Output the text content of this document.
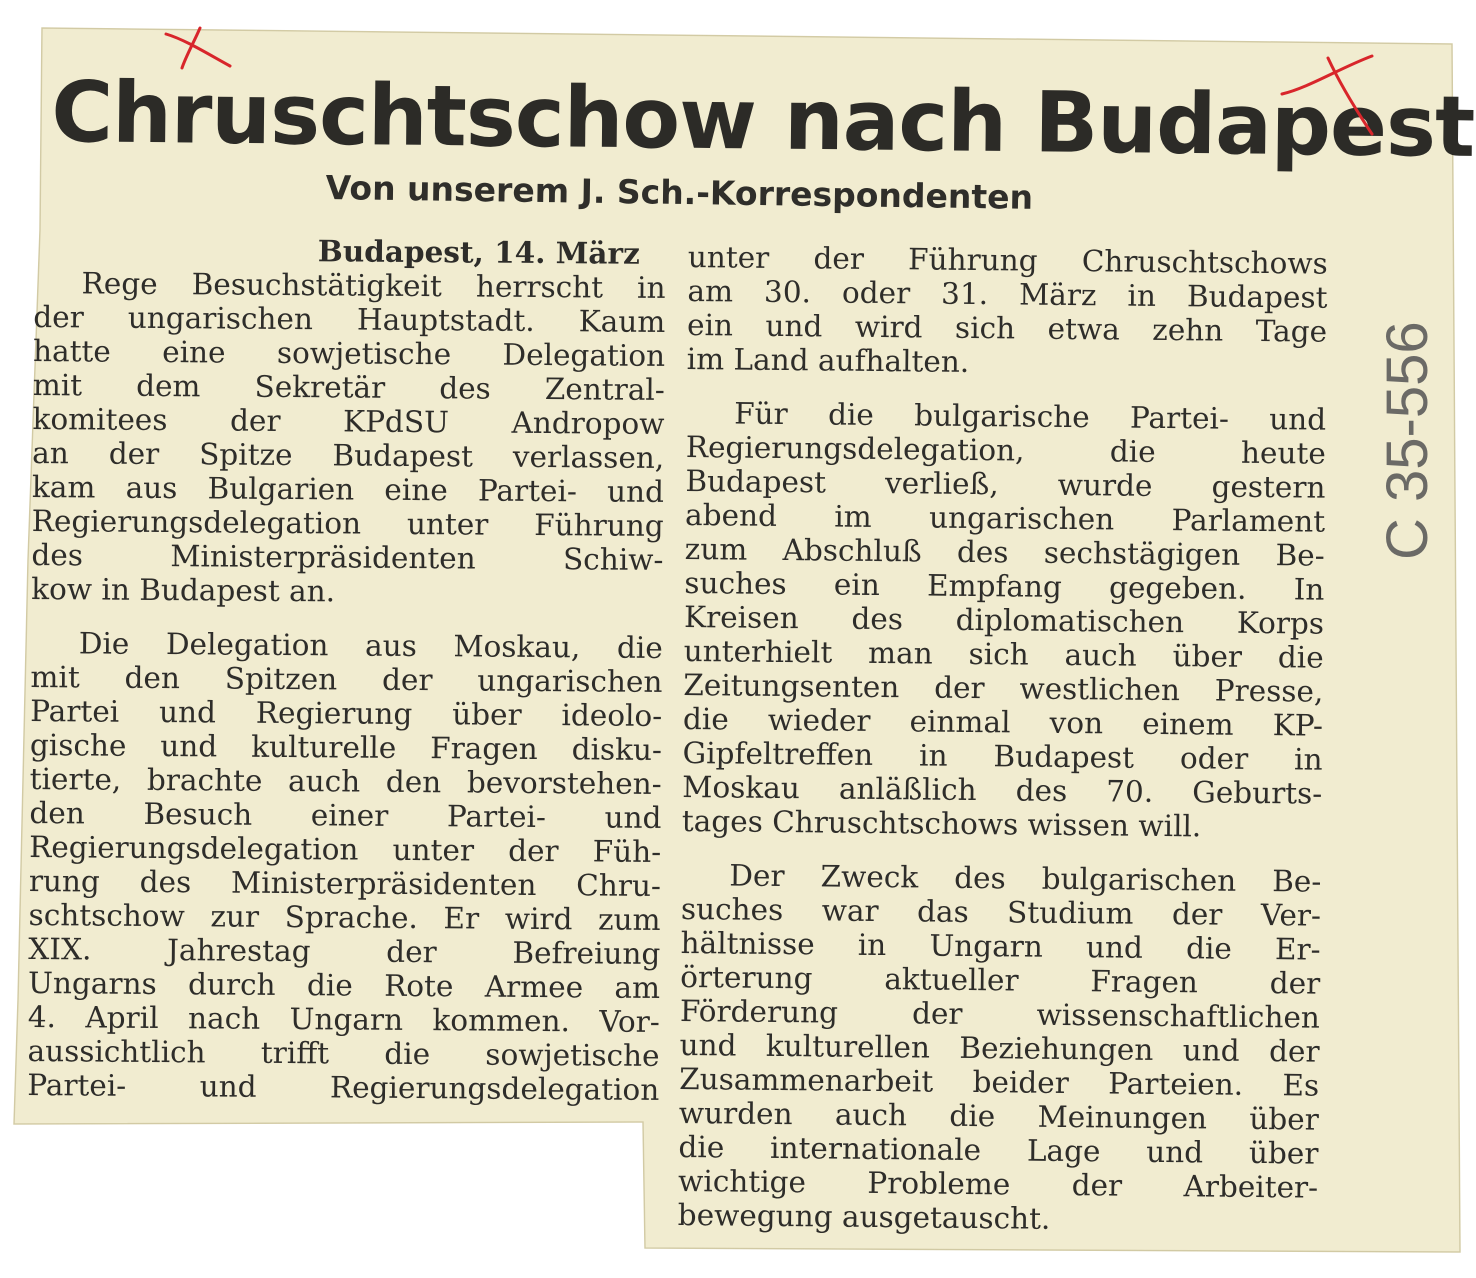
Chruschtschow nach Budapest
Von unserem J. Sch.-Korrespondenten
Budapest, 14. März
Rege Besuchstätigkeit herrscht in
der ungarischen Hauptstadt. Kaum
hatte eine sowjetische Delegation
mit dem Sekretär des Zentral-
komitees der KPdSU Andropow
an der Spitze Budapest verlassen,
kam aus Bulgarien eine Partei- und
Regierungsdelegation unter Führung
des Ministerpräsidenten Schiw-
kow in Budapest an.
Die Delegation aus Moskau, die
mit den Spitzen der ungarischen
Partei und Regierung über ideolo-
gische und kulturelle Fragen disku-
tierte, brachte auch den bevorstehen-
den Besuch einer Partei- und
Regierungsdelegation unter der Füh-
rung des Ministerpräsidenten Chru-
schtschow zur Sprache. Er wird zum
XIX. Jahrestag der Befreiung
Ungarns durch die Rote Armee am
4. April nach Ungarn kommen. Vor-
aussichtlich trifft die sowjetische
Partei- und Regierungsdelegation
unter der Führung Chruschtschows
am 30. oder 31. März in Budapest
ein und wird sich etwa zehn Tage
im Land aufhalten.
Für die bulgarische Partei- und
Regierungsdelegation, die heute
Budapest verließ, wurde gestern
abend im ungarischen Parlament
zum Abschluß des sechstägigen Be-
suches ein Empfang gegeben. In
Kreisen des diplomatischen Korps
unterhielt man sich auch über die
Zeitungsenten der westlichen Presse,
die wieder einmal von einem KP-
Gipfeltreffen in Budapest oder in
Moskau anläßlich des 70. Geburts-
tages Chruschtschows wissen will.
Der Zweck des bulgarischen Be-
suches war das Studium der Ver-
hältnisse in Ungarn und die Er-
örterung aktueller Fragen der
Förderung der wissenschaftlichen
und kulturellen Beziehungen und der
Zusammenarbeit beider Parteien. Es
wurden auch die Meinungen über
die internationale Lage und über
wichtige Probleme der Arbeiter-
bewegung ausgetauscht.

C 35-556
